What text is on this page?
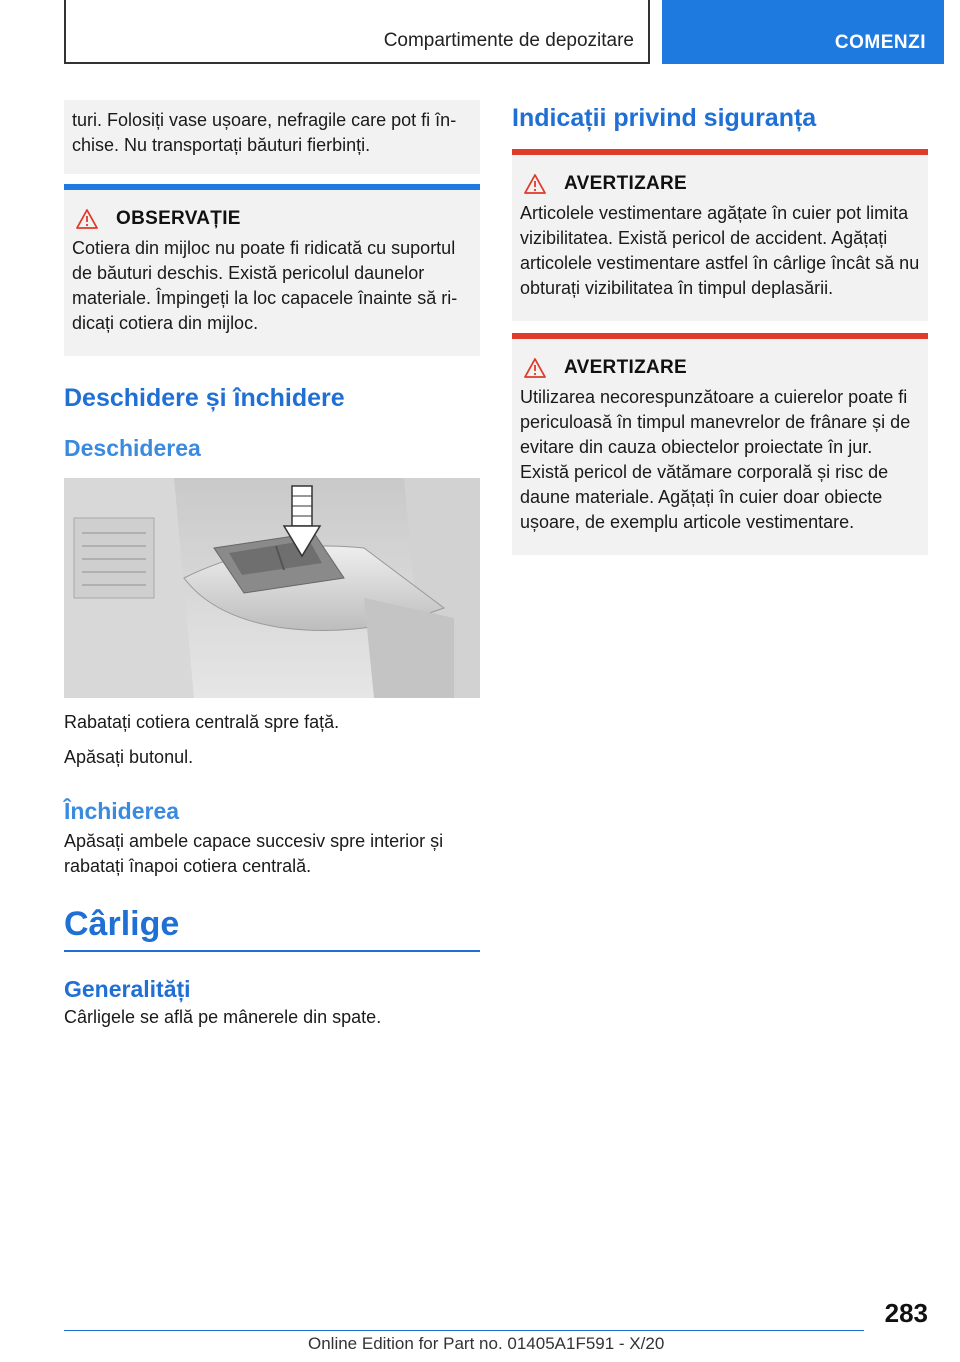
Compartimente de depozitare	COMENZI

turi. Folosiți vase ușoare, nefragile care pot fi închise. Nu transportați băuturi fierbinți.

OBSERVAȚIE

Cotiera din mijloc nu poate fi ridicată cu suportul de băuturi deschis. Există pericolul daunelor materiale. Împingeți la loc capacele înainte să ridicați cotiera din mijloc.

Deschidere și închidere
Deschiderea

Rabatați cotiera centrală spre față.

Apăsați butonul.

Închiderea

Apăsați ambele capace succesiv spre interior și rabatați înapoi cotiera centrală.

Cârlige
Generalități

Cârligele se află pe mânerele din spate.

Indicații privind siguranța
AVERTIZARE

Articolele vestimentare agățate în cuier pot limita vizibilitatea. Există pericol de accident. Agățați articolele vestimentare astfel în cârlige încât să nu obturați vizibilitatea în timpul deplasării.

AVERTIZARE

Utilizarea necorespunzătoare a cuierelor poate fi periculoasă în timpul manevrelor de frânare și de evitare din cauza obiectelor proiectate în jur. Există pericol de vătămare corporală și risc de daune materiale. Agățați în cuier doar obiecte ușoare, de exemplu articole vestimentare.

283
Online Edition for Part no. 01405A1F591 - X/20
